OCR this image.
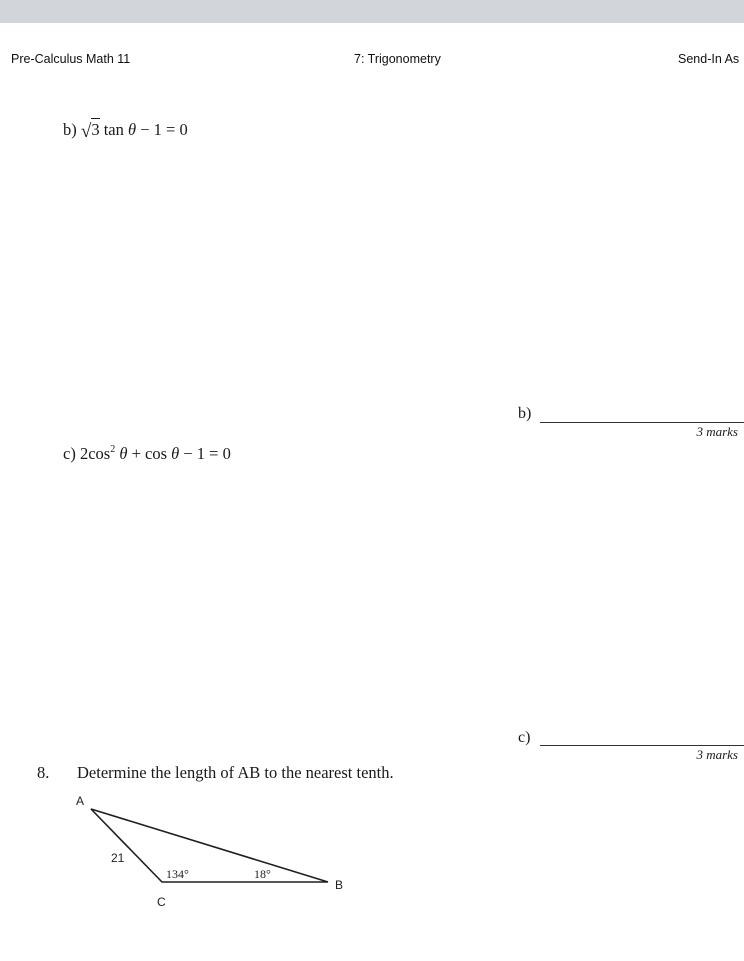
Pre-Calculus Math 11	7: Trigonometry	Send-In As
b) √3 tan θ − 1 = 0
c) $2\cos^2$ θ + cos θ − 1 = 0
b)
3 marks
c)
3 marks
8. Determine the length of AB to the nearest tenth.
A
B
C
21
134°	18°
